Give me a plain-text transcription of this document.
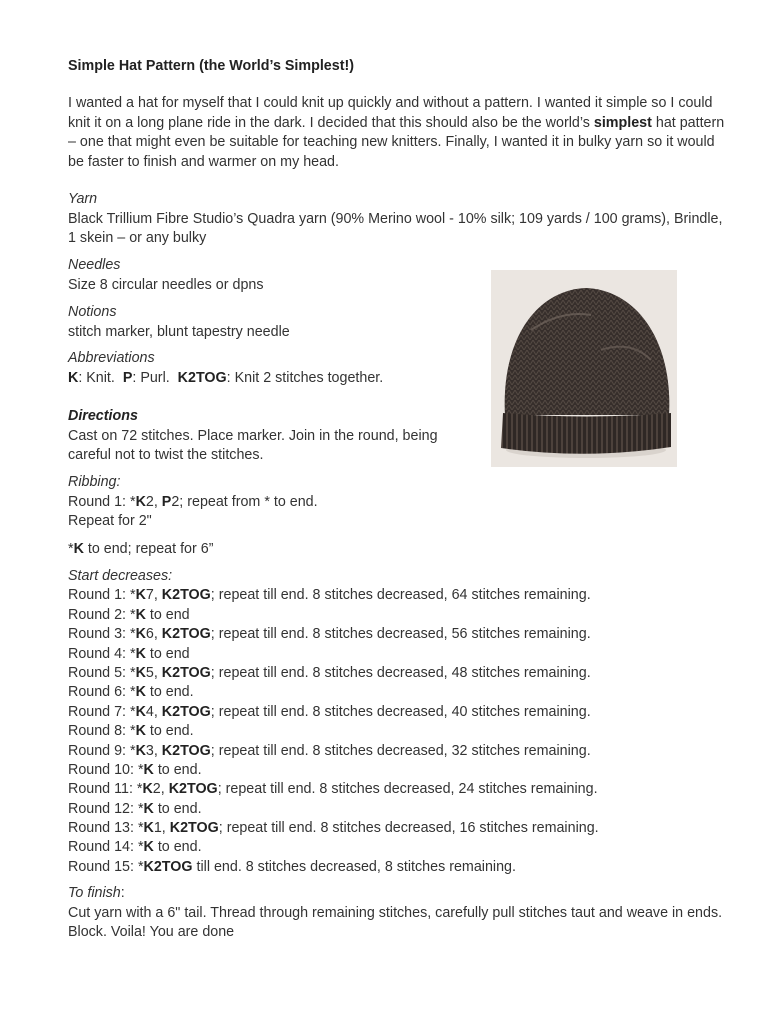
Simple Hat Pattern (the World’s Simplest!)
I wanted a hat for myself that I could knit up quickly and without a pattern. I wanted it simple so I could knit it on a long plane ride in the dark. I decided that this should also be the world’s simplest hat pattern – one that might even be suitable for teaching new knitters. Finally, I wanted it in bulky yarn so it would be faster to finish and warmer on my head.
Yarn
Black Trillium Fibre Studio’s Quadra yarn (90% Merino wool - 10% silk; 109 yards / 100 grams), Brindle, 1 skein – or any bulky
Needles
Size 8 circular needles or dpns
Notions
stitch marker, blunt tapestry needle
Abbreviations
K: Knit.  P: Purl.  K2TOG: Knit 2 stitches together.
Directions
Cast on 72 stitches. Place marker. Join in the round, being careful not to twist the stitches.
Ribbing:
Round 1: *K2, P2; repeat from * to end.
Repeat for 2"
*K to end; repeat for 6”
Start decreases:
Round 1: *K7, K2TOG; repeat till end. 8 stitches decreased, 64 stitches remaining.
Round 2: *K to end
Round 3: *K6, K2TOG; repeat till end. 8 stitches decreased, 56 stitches remaining.
Round 4: *K to end
Round 5: *K5, K2TOG; repeat till end. 8 stitches decreased, 48 stitches remaining.
Round 6: *K to end.
Round 7: *K4, K2TOG; repeat till end. 8 stitches decreased, 40 stitches remaining.
Round 8: *K to end.
Round 9: *K3, K2TOG; repeat till end. 8 stitches decreased, 32 stitches remaining.
Round 10: *K to end.
Round 11: *K2, K2TOG; repeat till end. 8 stitches decreased, 24 stitches remaining.
Round 12: *K to end.
Round 13: *K1, K2TOG; repeat till end. 8 stitches decreased, 16 stitches remaining.
Round 14: *K to end.
Round 15: *K2TOG till end. 8 stitches decreased, 8 stitches remaining.
To finish:
Cut yarn with a 6" tail. Thread through remaining stitches, carefully pull stitches taut and weave in ends. Block. Voila! You are done
